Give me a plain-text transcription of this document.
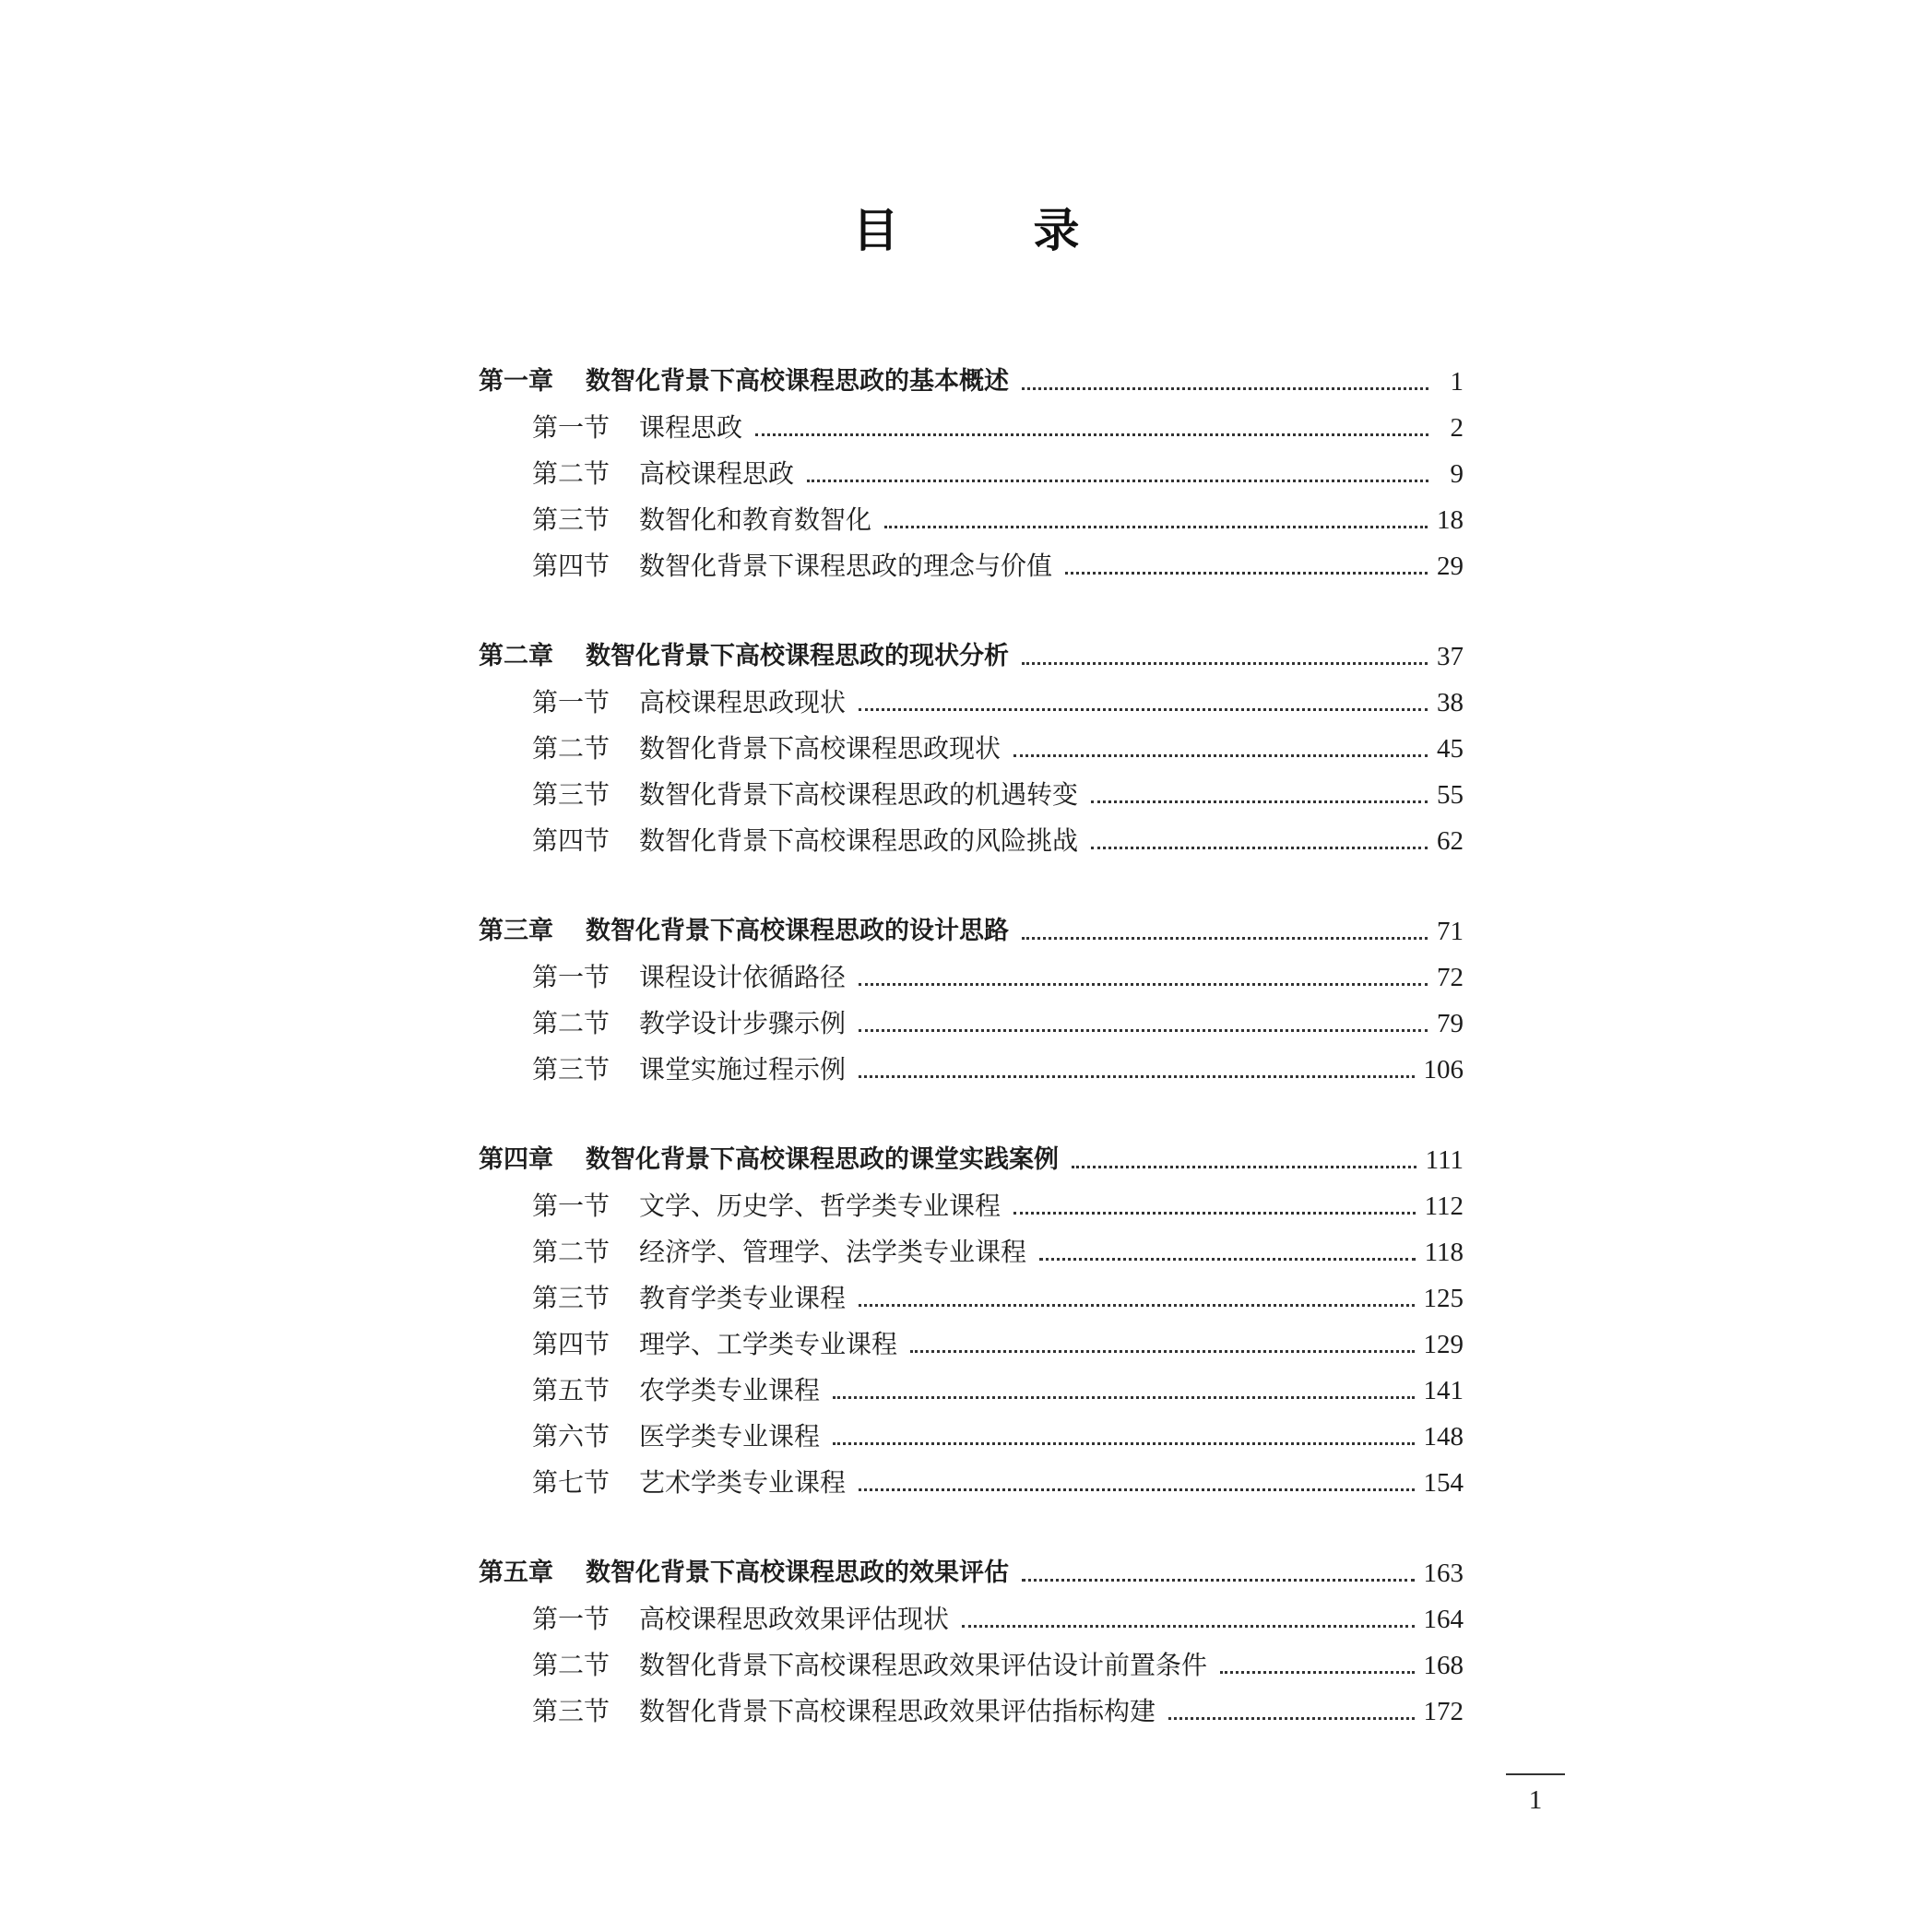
目　录
第一章	数智化背景下高校课程思政的基本概述	1
第一节	课程思政	2
第二节	高校课程思政	9
第三节	数智化和教育数智化	18
第四节	数智化背景下课程思政的理念与价值	29
第二章	数智化背景下高校课程思政的现状分析	37
第一节	高校课程思政现状	38
第二节	数智化背景下高校课程思政现状	45
第三节	数智化背景下高校课程思政的机遇转变	55
第四节	数智化背景下高校课程思政的风险挑战	62
第三章	数智化背景下高校课程思政的设计思路	71
第一节	课程设计依循路径	72
第二节	教学设计步骤示例	79
第三节	课堂实施过程示例	106
第四章	数智化背景下高校课程思政的课堂实践案例	111
第一节	文学、历史学、哲学类专业课程	112
第二节	经济学、管理学、法学类专业课程	118
第三节	教育学类专业课程	125
第四节	理学、工学类专业课程	129
第五节	农学类专业课程	141
第六节	医学类专业课程	148
第七节	艺术学类专业课程	154
第五章	数智化背景下高校课程思政的效果评估	163
第一节	高校课程思政效果评估现状	164
第二节	数智化背景下高校课程思政效果评估设计前置条件	168
第三节	数智化背景下高校课程思政效果评估指标构建	172
1
